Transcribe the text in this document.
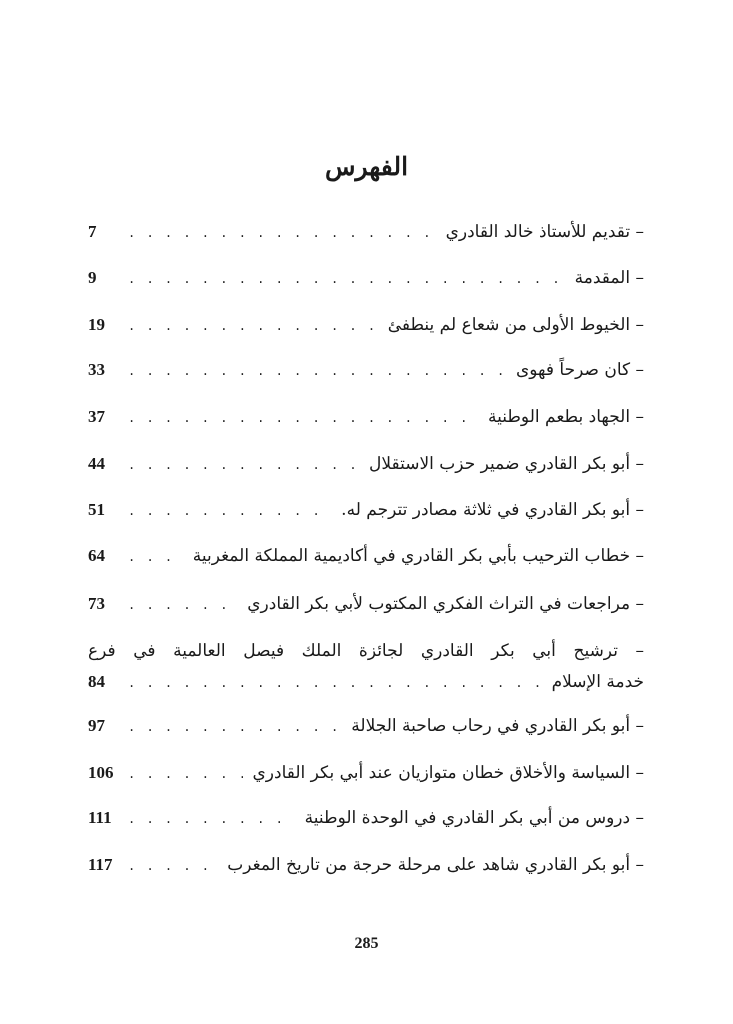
الفهرس
– تقديم للأستاذ خالد القادري
. . .
7
– المقدمة
. . .
9
– الخيوط الأولى من شعاع لم ينطفئ
. . .
19
– كان صرحاً فهوى
. . .
33
– الجهاد بطعم الوطنية
. . .
37
– أبو بكر القادري ضمير حزب الاستقلال
. . .
44
– أبو بكر القادري في ثلاثة مصادر تترجم له.
. . .
51
– خطاب الترحيب بأبي بكر القادري في أكاديمية المملكة المغربية
. . .
64
– مراجعات في التراث الفكري المكتوب لأبي بكر القادري
. . .
73
– ترشيح أبي بكر القادري لجائزة الملك فيصل العالمية في فرع
خدمة الإسلام
. . .
84
– أبو بكر القادري في رحاب صاحبة الجلالة
. . .
97
– السياسة والأخلاق خطان متوازيان عند أبي بكر القادري
. . .
106
– دروس من أبي بكر القادري في الوحدة الوطنية
. . .
111
– أبو بكر القادري شاهد على مرحلة حرجة من تاريخ المغرب
. . .
117
285
